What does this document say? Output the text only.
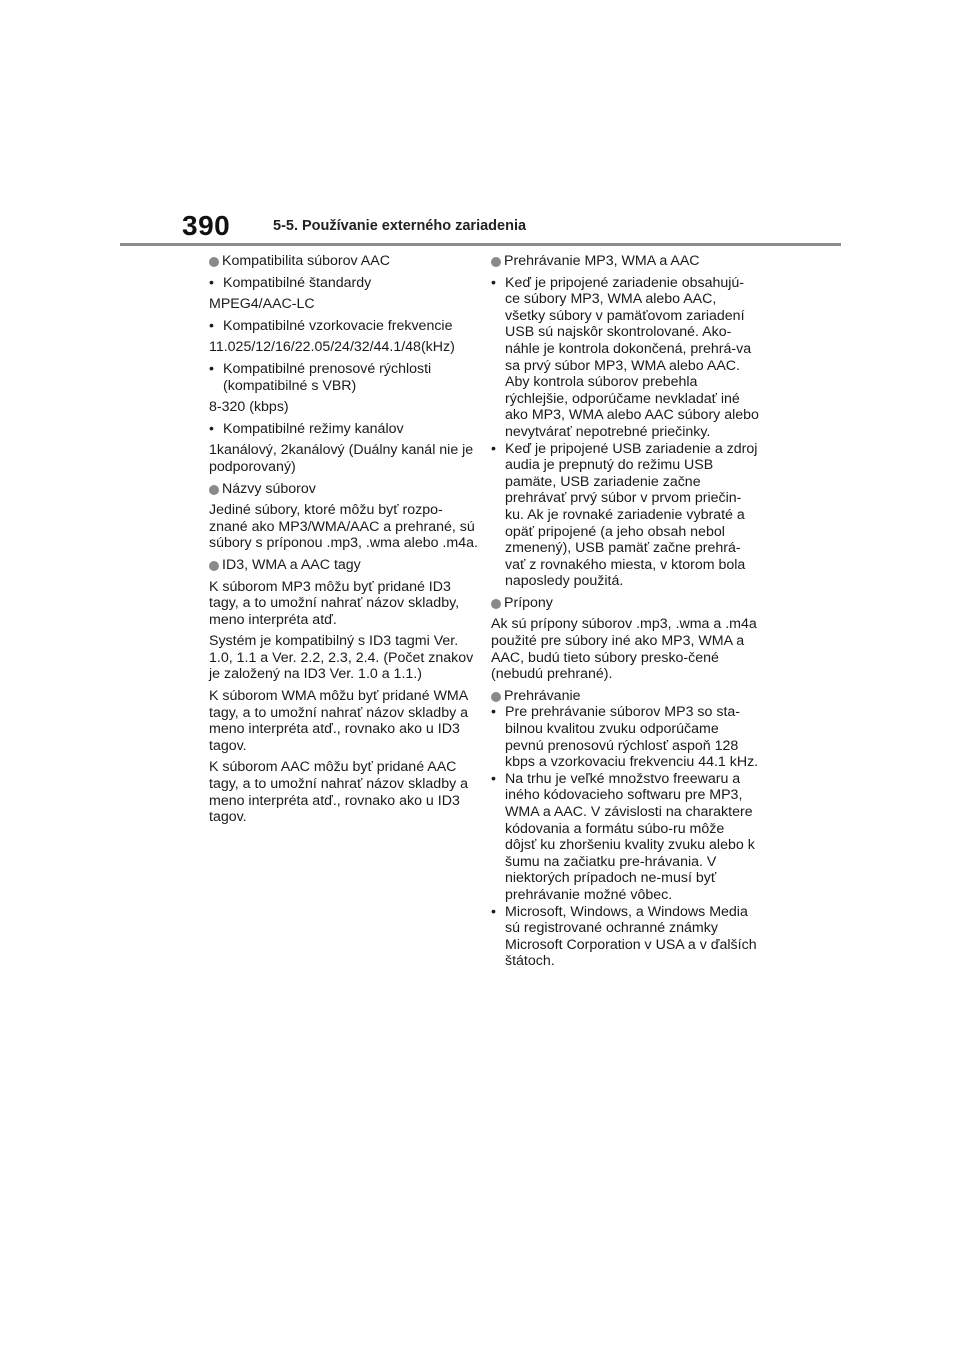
390	5-5. Používanie externého zariadenia
Kompatibilita súborov AAC
• Kompatibilné štandardy

MPEG4/AAC-LC

• Kompatibilné vzorkovacie frekvencie

11.025/12/16/22.05/24/32/44.1/48(kHz)

• Kompatibilné prenosové rýchlosti (kompatibilné s VBR)

8-320 (kbps)

• Kompatibilné režimy kanálov

1kanálový, 2kanálový (Duálny kanál nie je podporovaný)

Názvy súborov

Jediné súbory, ktoré môžu byť rozpo-znané ako MP3/WMA/AAC a prehrané, sú súbory s príponou .mp3, .wma alebo .m4a.

ID3, WMA a AAC tagy

K súborom MP3 môžu byť pridané ID3 tagy, a to umožní nahrať názov skladby, meno interpréta atď.

Systém je kompatibilný s ID3 tagmi Ver. 1.0, 1.1 a Ver. 2.2, 2.3, 2.4. (Počet znakov je založený na ID3 Ver. 1.0 a 1.1.)

K súborom WMA môžu byť pridané WMA tagy, a to umožní nahrať názov skladby a meno interpréta atď., rovnako ako u ID3 tagov.

K súborom AAC môžu byť pridané AAC tagy, a to umožní nahrať názov skladby a meno interpréta atď., rovnako ako u ID3 tagov.

Prehrávanie MP3, WMA a AAC
• Keď je pripojené zariadenie obsahujú-ce súbory MP3, WMA alebo AAC, všetky súbory v pamäťovom zariadení USB sú najskôr skontrolované. Ako-náhle je kontrola dokončená, prehrá-va sa prvý súbor MP3, WMA alebo AAC. Aby kontrola súborov prebehla rýchlejšie, odporúčame nevkladať iné ako MP3, WMA alebo AAC súbory alebo nevytvárať nepotrebné priečinky.
• Keď je pripojené USB zariadenie a zdroj audia je prepnutý do režimu USB pamäte, USB zariadenie začne prehrávať prvý súbor v prvom priečin-ku. Ak je rovnaké zariadenie vybraté a opäť pripojené (a jeho obsah nebol zmenený), USB pamäť začne prehrá-vať z rovnakého miesta, v ktorom bola naposledy použitá.
Prípony

Ak sú prípony súborov .mp3, .wma a .m4a použité pre súbory iné ako MP3, WMA a AAC, budú tieto súbory presko-čené (nebudú prehrané).

Prehrávanie
• Pre prehrávanie súborov MP3 so sta-bilnou kvalitou zvuku odporúčame pevnú prenosovú rýchlosť aspoň 128 kbps a vzorkovaciu frekvenciu 44.1 kHz.
• Na trhu je veľké množstvo freewaru a iného kódovacieho softwaru pre MP3, WMA a AAC. V závislosti na charaktere kódovania a formátu súbo-ru môže dôjsť ku zhoršeniu kvality zvuku alebo k šumu na začiatku pre-hrávania. V niektorých prípadoch ne-musí byť prehrávanie možné vôbec.
• Microsoft, Windows, a Windows Media sú registrované ochranné známky Microsoft Corporation v USA a v ďalších štátoch.
